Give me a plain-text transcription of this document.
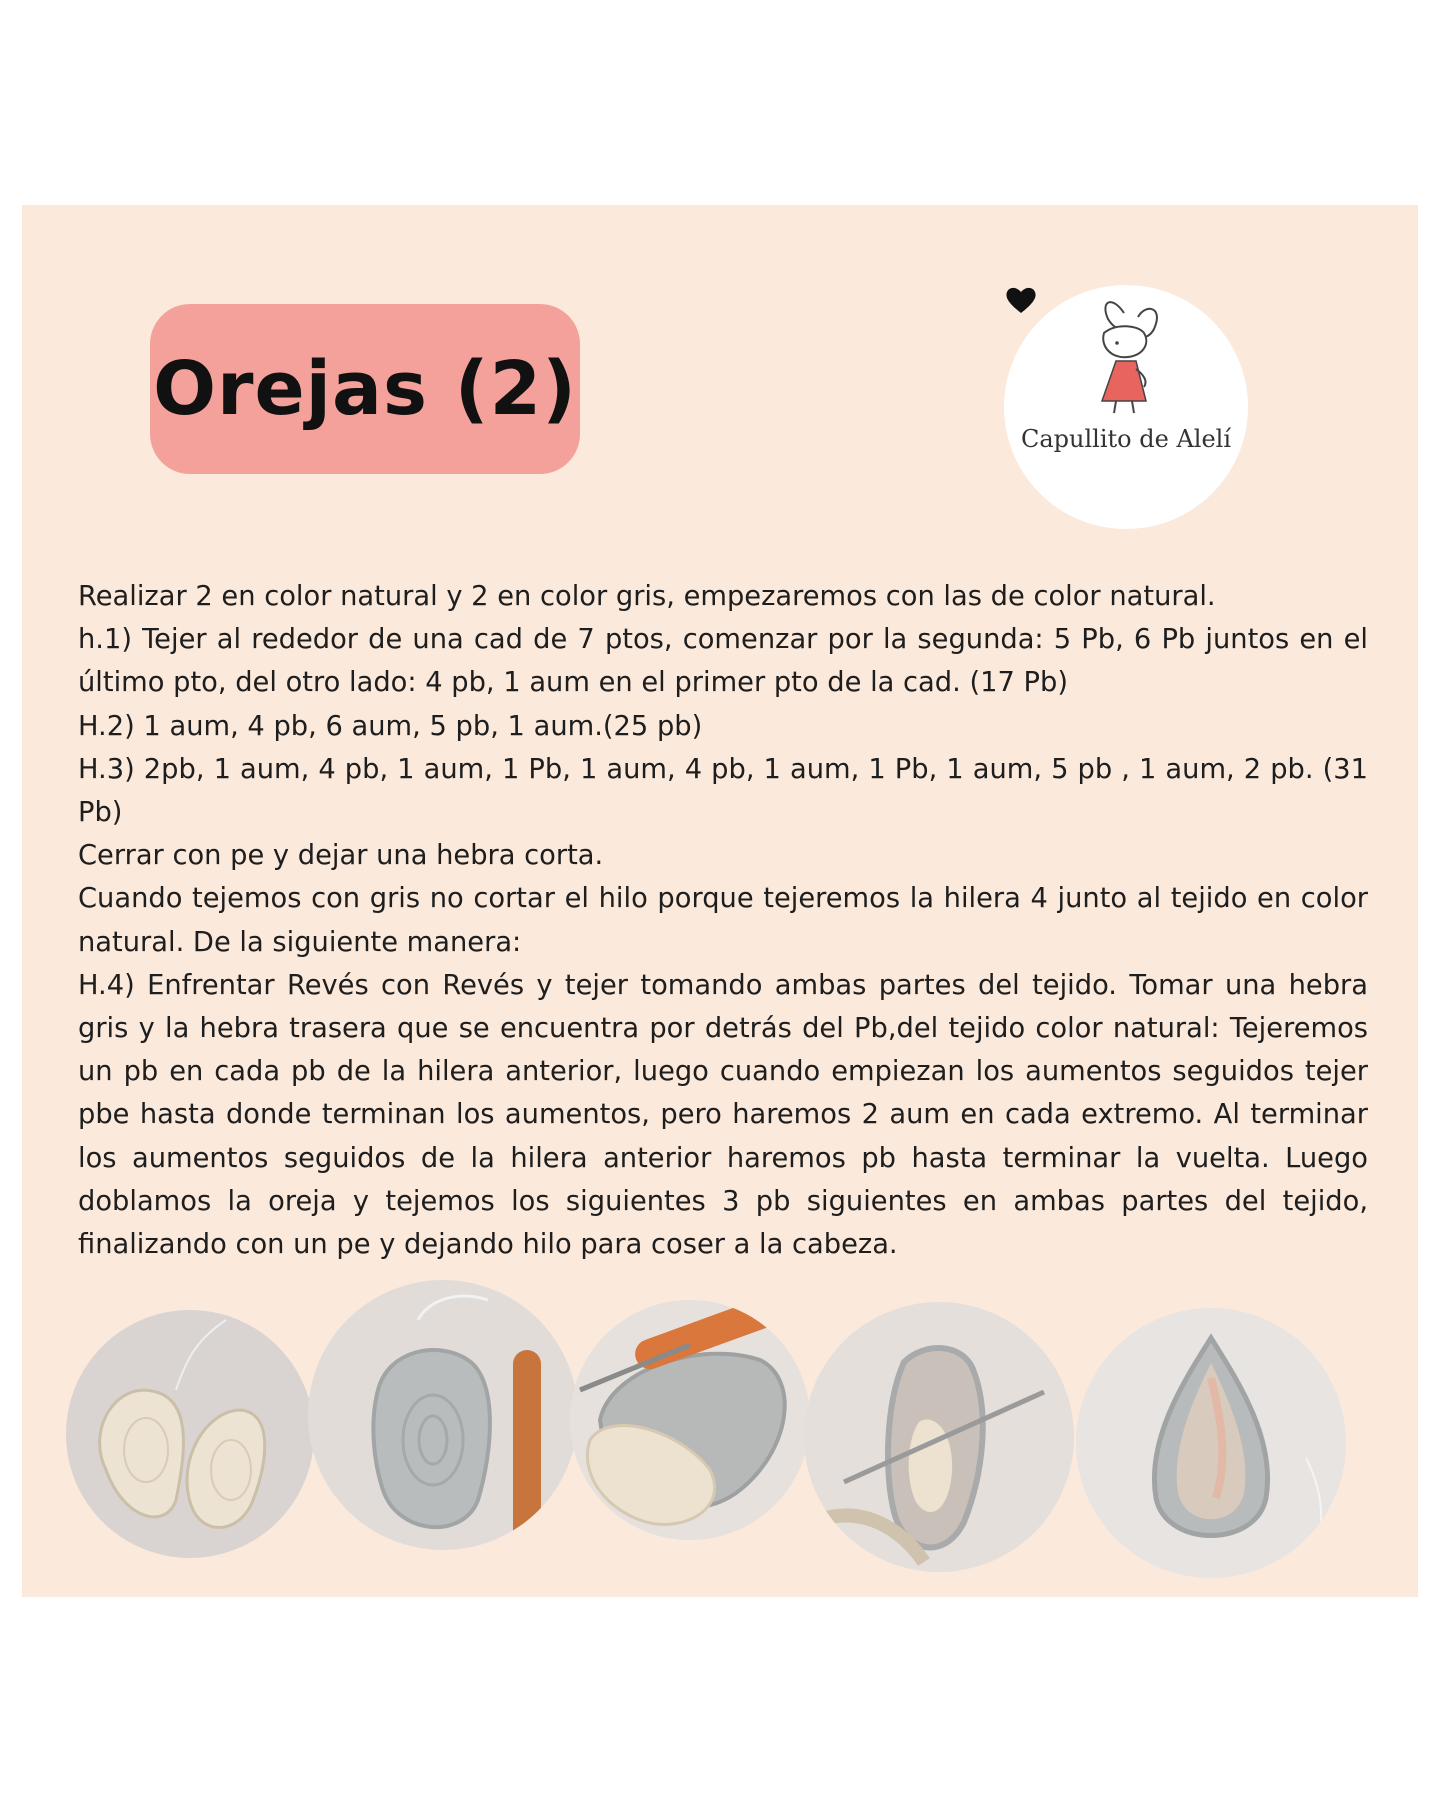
Orejas (2)
Capullito de Alelí

Realizar 2 en color natural y 2 en color gris, empezaremos con las de color natural.

h.1) Tejer al rededor de una cad de 7 ptos, comenzar por la segunda: 5 Pb, 6 Pb juntos en el último pto, del otro lado: 4 pb, 1 aum en el primer pto de la cad. (17 Pb)

H.2) 1 aum, 4 pb, 6 aum, 5 pb, 1 aum.(25 pb)

H.3) 2pb, 1 aum, 4 pb, 1 aum, 1 Pb, 1 aum, 4 pb, 1 aum, 1 Pb, 1 aum, 5 pb , 1 aum, 2 pb. (31 Pb)

Cerrar con pe y dejar una hebra corta.

Cuando tejemos con gris no cortar el hilo porque tejeremos la hilera 4 junto al tejido en color natural. De la siguiente manera:

H.4) Enfrentar Revés con Revés y tejer tomando ambas partes del tejido. Tomar una hebra gris y la hebra trasera que se encuentra por detrás del Pb,del tejido color natural: Tejeremos un pb en cada pb de la hilera anterior, luego cuando empiezan los aumentos seguidos tejer pbe hasta donde terminan los aumentos, pero haremos 2 aum en cada extremo. Al terminar los aumentos seguidos de la hilera anterior haremos pb hasta terminar la vuelta. Luego doblamos la oreja y tejemos los siguientes 3 pb siguientes en ambas partes del tejido, finalizando con un pe y dejando hilo para coser a la cabeza.
